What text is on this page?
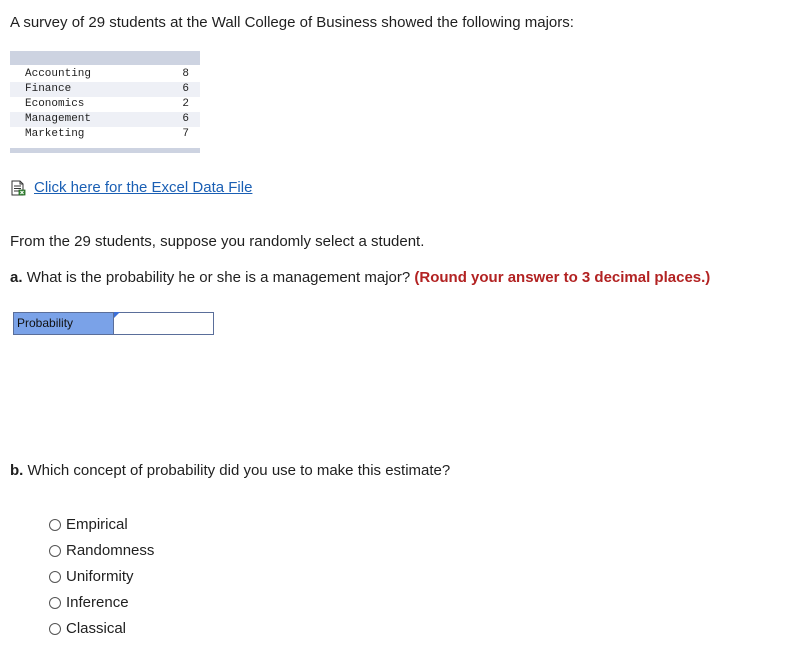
A survey of 29 students at the Wall College of Business showed the following majors:
Accounting	8
Finance	6
Economics	2
Management	6
Marketing	7
Click here for the Excel Data File
From the 29 students, suppose you randomly select a student.
a. What is the probability he or she is a management major? (Round your answer to 3 decimal places.)
Probability
b. Which concept of probability did you use to make this estimate?
Empirical
Randomness
Uniformity
Inference
Classical
